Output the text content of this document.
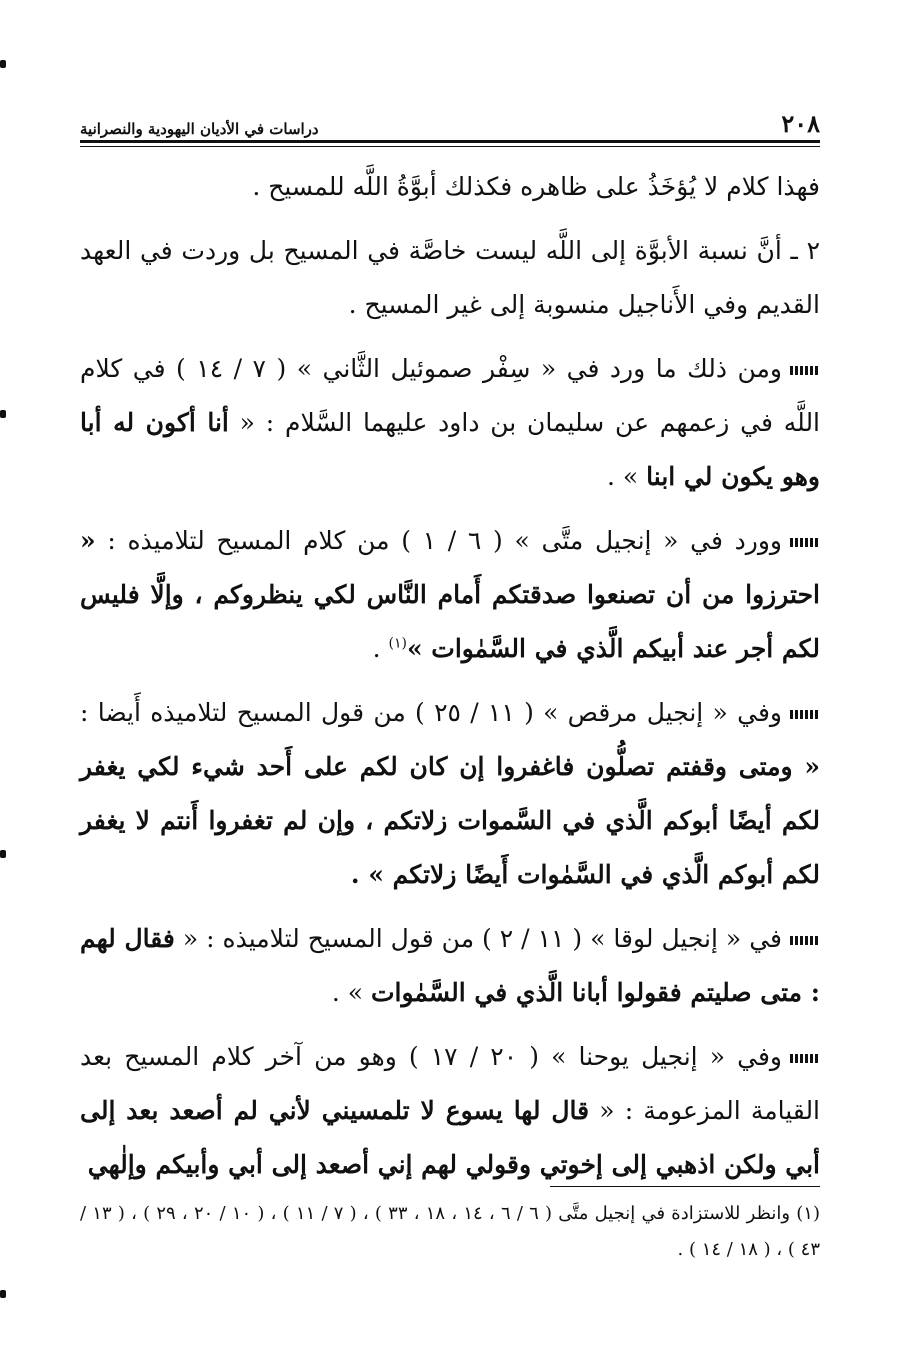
٢٠٨
دراسات في الأديان اليهودية والنصرانية

فهذا كلام لا يُؤخَذُ على ظاهره فكذلك أبوَّةُ اللَّه للمسيح .

٢ ـ أنَّ نسبة الأبوَّة إلى اللَّه ليست خاصَّة في المسيح بل وردت في العهد القديم وفي الأَناجيل منسوبة إلى غير المسيح .

ومن ذلك ما ورد في « سِفْر صموئيل الثَّاني » ( ٧ / ١٤ ) في كلام اللَّه في زعمهم عن سليمان بن داود عليهما السَّلام : « أنا أكون له أبا وهو يكون لي ابنا » .

وورد في « إنجيل متَّى » ( ٦ / ١ ) من كلام المسيح لتلاميذه : « احترزوا من أن تصنعوا صدقتكم أَمام النَّاس لكي ينظروكم ، وإلَّا فليس لكم أجر عند أبيكم الَّذي في السَّمٰوات »$^{(١)}$ .

وفي « إنجيل مرقص » ( ١١ / ٢٥ ) من قول المسيح لتلاميذه أَيضا : « ومتى وقفتم تصلُّون فاغفروا إن كان لكم على أَحد شيء لكي يغفر لكم أيضًا أبوكم الَّذي في السَّموات زلاتكم ، وإن لم تغفروا أَنتم لا يغفر لكم أبوكم الَّذي في السَّمٰوات أَيضًا زلاتكم » .

في « إنجيل لوقا » ( ١١ / ٢ ) من قول المسيح لتلاميذه : « فقال لهم : متى صليتم فقولوا أبانا الَّذي في السَّمٰوات » .

وفي « إنجيل يوحنا » ( ٢٠ / ١٧ ) وهو من آخر كلام المسيح بعد القيامة المزعومة : « قال لها يسوع لا تلمسيني لأني لم أصعد بعد إلى أبي ولكن اذهبي إلى إخوتي وقولي لهم إني أصعد إلى أبي وأبيكم وإلٰهي

(١) وانظر للاستزادة في إنجيل متَّى ( ٦ / ٦ ، ١٤ ، ١٨ ، ٣٣ ) ، ( ٧ / ١١ ) ، ( ١٠ / ٢٠ ، ٢٩ ) ، ( ١٣ / ٤٣ ) ، ( ١٨ / ١٤ ) .
